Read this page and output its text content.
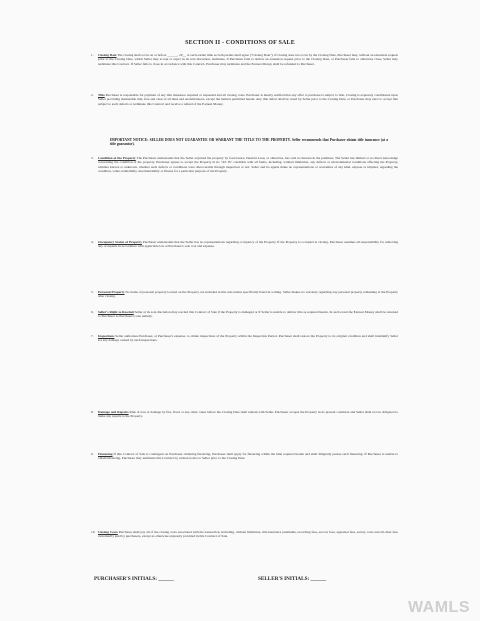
SECTION II - CONDITIONS OF SALE
1. Closing Date The closing shall occur on or before ______, 20__ or such earlier time as both parties shall agree ("Closing Date"). If closing does not occur by the Closing Date, Purchaser may, without an extension request prior to the Closing Date, which Seller may accept or reject in its sole discretion, terminate, if Purchaser fails to deliver an extension request prior to the Closing Date, or Purchaser fails to otherwise close, Seller may terminate this Contract. If Seller fails to close in accordance with this Contract, Purchaser may terminate and the Earnest Money shall be refunded to Purchaser.
2. Title Purchaser is responsible for payment of any title insurance required or requested and all closing costs. Purchaser is hereby notified that any offer to purchase is subject to title. Closing is expressly conditioned upon Seller providing marketable title, free and clear of all liens and encumbrances, except the matters permitted herein. Any title defect shall be cured by Seller prior to the Closing Date, or Purchaser may elect to accept title subject to such defects or terminate this Contract and receive a refund of the Earnest Money.
IMPORTANT NOTICE: SELLER DOES NOT GUARANTEE OR WARRANT THE TITLE TO THE PROPERTY. Seller recommends that Purchaser obtain title insurance (at a title guarantor).
3. Condition of the Property The Purchaser understands that the Seller acquired the property by foreclosure, Deed-in-Lieu, or otherwise, has sold no interest in the premises. The Seller has limited or no direct knowledge concerning the condition of the property. Purchaser agrees to accept the Property in its "AS IS" condition with all faults, including, without limitation, any defects or environmental conditions affecting the Property, whether known or unknown, whether such defects or conditions were discoverable through inspection or not. Seller and its agents make no representations or warranties of any kind, express or implied, regarding the condition, value, habitability, merchantability or fitness for a particular purpose of the Property.
4. Occupancy Status of Property Purchaser understands that the Seller has no representations regarding occupancy of the Property. If the Property is occupied at closing, Purchaser assumes all responsibility for removing any occupants in accordance with applicable law at Purchaser's sole cost and expense.
5. Personal Property No items of personal property located on the Property are included in this sale unless specifically listed in writing. Seller makes no warranty regarding any personal property remaining at the Property after closing.
6. Seller's Right to Rescind Seller at its sole discretion may rescind this Contract of Sale if the Property is damaged or if Seller is unable to deliver title as required herein. In such event the Earnest Money shall be returned to Purchaser as Purchaser's sole remedy.
7. Inspections Seller authorizes Purchaser, at Purchaser's expense, to obtain inspections of the Property within the Inspection Period. Purchaser shall restore the Property to its original condition and shall indemnify Seller for any damage caused by such inspections.
8. Damage and Repairs Risk of loss or damage by fire, flood or any other cause before the Closing Date shall remain with Seller. Purchaser accepts the Property in its present condition and Seller shall not be obligated to make any repairs to the Property.
9. Financing If this Contract of Sale is contingent on Purchaser obtaining financing, Purchaser shall apply for financing within the time required herein and shall diligently pursue such financing. If Purchaser is unable to obtain financing, Purchaser may terminate this Contract by written notice to Seller prior to the Closing Date.
10. Closing Costs Purchaser shall pay all of the closing costs associated with the transaction, including, without limitation, title insurance premiums, recording fees, escrow fees, appraisal fees, survey costs and all other fees customarily paid by purchasers, except as otherwise expressly provided in this Contract of Sale.
PURCHASER'S INITIALS: ______	SELLER'S INITIALS: ______
WAMLS
